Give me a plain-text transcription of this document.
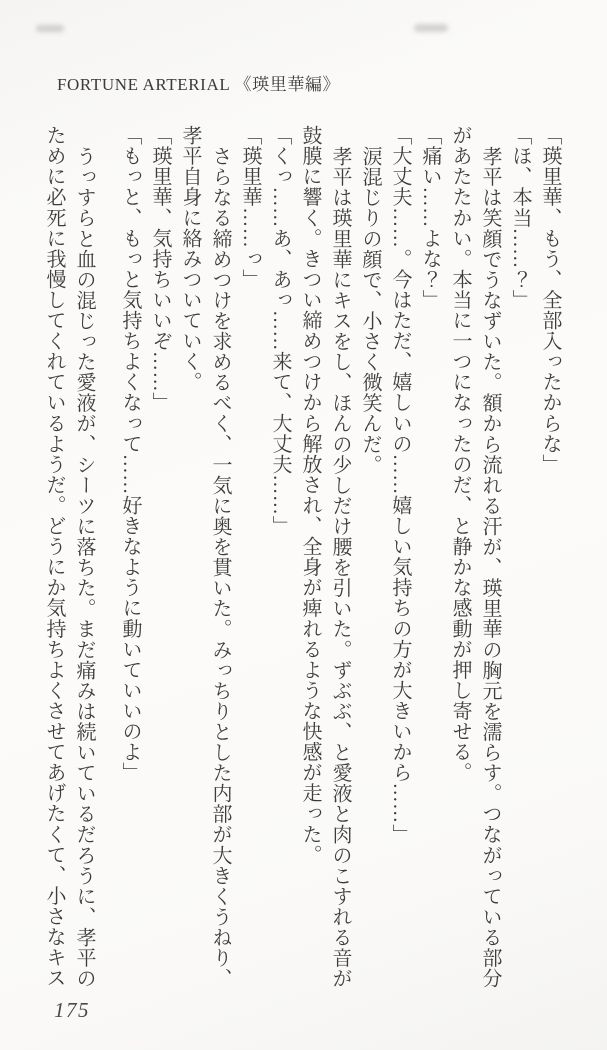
FORTUNE ARTERIAL 《瑛里華編》

「瑛里華、もう、全部入ったからな」

「ほ、本当……？」

孝平は笑顔でうなずいた。額から流れる汗が、瑛里華の胸元を濡らす。つながっている部分

があたたかい。本当に一つになったのだ、と静かな感動が押し寄せる。

「痛い……よな？」

「大丈夫……。今はただ、嬉しいの……嬉しい気持ちの方が大きいから……」

涙混じりの顔で、小さく微笑んだ。

孝平は瑛里華にキスをし、ほんの少しだけ腰を引いた。ずぶぶ、と愛液と肉のこすれる音が

鼓膜に響く。きつい締めつけから解放され、全身が痺れるような快感が走った。

「くっ……あ、あっ……来て、大丈夫……」

「瑛里華……っ」

さらなる締めつけを求めるべく、一気に奥を貫いた。みっちりとした内部が大きくうねり、

孝平自身に絡みついていく。

「瑛里華、気持ちいいぞ……」

「もっと、もっと気持ちよくなって……好きなように動いていいのよ」

うっすらと血の混じった愛液が、シーツに落ちた。まだ痛みは続いているだろうに、孝平の

ために必死に我慢してくれているようだ。どうにか気持ちよくさせてあげたくて、小さなキス

175
